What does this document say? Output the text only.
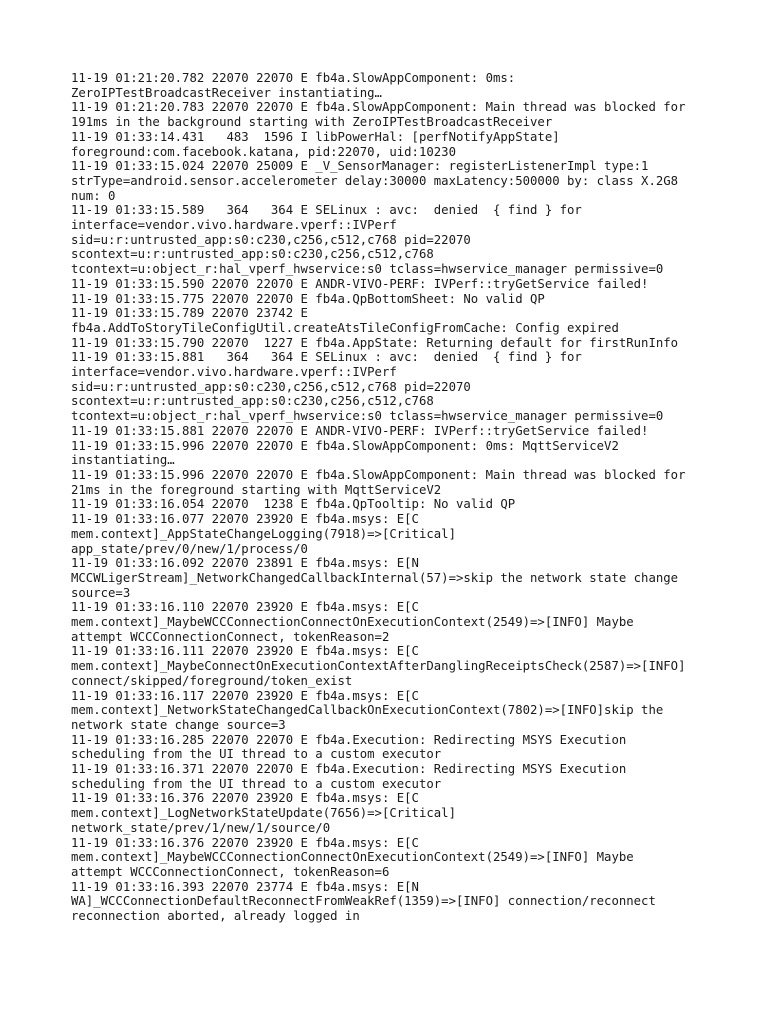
11-19 01:21:20.782 22070 22070 E fb4a.SlowAppComponent: 0ms:
ZeroIPTestBroadcastReceiver instantiating…
11-19 01:21:20.783 22070 22070 E fb4a.SlowAppComponent: Main thread was blocked for
191ms in the background starting with ZeroIPTestBroadcastReceiver
11-19 01:33:14.431   483  1596 I libPowerHal: [perfNotifyAppState]
foreground:com.facebook.katana, pid:22070, uid:10230
11-19 01:33:15.024 22070 25009 E _V_SensorManager: registerListenerImpl type:1
strType=android.sensor.accelerometer delay:30000 maxLatency:500000 by: class X.2G8
num: 0
11-19 01:33:15.589   364   364 E SELinux : avc:  denied  { find } for
interface=vendor.vivo.hardware.vperf::IVPerf
sid=u:r:untrusted_app:s0:c230,c256,c512,c768 pid=22070
scontext=u:r:untrusted_app:s0:c230,c256,c512,c768
tcontext=u:object_r:hal_vperf_hwservice:s0 tclass=hwservice_manager permissive=0
11-19 01:33:15.590 22070 22070 E ANDR-VIVO-PERF: IVPerf::tryGetService failed!
11-19 01:33:15.775 22070 22070 E fb4a.QpBottomSheet: No valid QP
11-19 01:33:15.789 22070 23742 E
fb4a.AddToStoryTileConfigUtil.createAtsTileConfigFromCache: Config expired
11-19 01:33:15.790 22070  1227 E fb4a.AppState: Returning default for firstRunInfo
11-19 01:33:15.881   364   364 E SELinux : avc:  denied  { find } for
interface=vendor.vivo.hardware.vperf::IVPerf
sid=u:r:untrusted_app:s0:c230,c256,c512,c768 pid=22070
scontext=u:r:untrusted_app:s0:c230,c256,c512,c768
tcontext=u:object_r:hal_vperf_hwservice:s0 tclass=hwservice_manager permissive=0
11-19 01:33:15.881 22070 22070 E ANDR-VIVO-PERF: IVPerf::tryGetService failed!
11-19 01:33:15.996 22070 22070 E fb4a.SlowAppComponent: 0ms: MqttServiceV2
instantiating…
11-19 01:33:15.996 22070 22070 E fb4a.SlowAppComponent: Main thread was blocked for
21ms in the foreground starting with MqttServiceV2
11-19 01:33:16.054 22070  1238 E fb4a.QpTooltip: No valid QP
11-19 01:33:16.077 22070 23920 E fb4a.msys: E[C
mem.context]_AppStateChangeLogging(7918)=>[Critical]
app_state/prev/0/new/1/process/0
11-19 01:33:16.092 22070 23891 E fb4a.msys: E[N
MCCWLigerStream]_NetworkChangedCallbackInternal(57)=>skip the network state change
source=3
11-19 01:33:16.110 22070 23920 E fb4a.msys: E[C
mem.context]_MaybeWCCConnectionConnectOnExecutionContext(2549)=>[INFO] Maybe
attempt WCCConnectionConnect, tokenReason=2
11-19 01:33:16.111 22070 23920 E fb4a.msys: E[C
mem.context]_MaybeConnectOnExecutionContextAfterDanglingReceiptsCheck(2587)=>[INFO]
connect/skipped/foreground/token_exist
11-19 01:33:16.117 22070 23920 E fb4a.msys: E[C
mem.context]_NetworkStateChangedCallbackOnExecutionContext(7802)=>[INFO]skip the
network state change source=3
11-19 01:33:16.285 22070 22070 E fb4a.Execution: Redirecting MSYS Execution
scheduling from the UI thread to a custom executor
11-19 01:33:16.371 22070 22070 E fb4a.Execution: Redirecting MSYS Execution
scheduling from the UI thread to a custom executor
11-19 01:33:16.376 22070 23920 E fb4a.msys: E[C
mem.context]_LogNetworkStateUpdate(7656)=>[Critical]
network_state/prev/1/new/1/source/0
11-19 01:33:16.376 22070 23920 E fb4a.msys: E[C
mem.context]_MaybeWCCConnectionConnectOnExecutionContext(2549)=>[INFO] Maybe
attempt WCCConnectionConnect, tokenReason=6
11-19 01:33:16.393 22070 23774 E fb4a.msys: E[N
WA]_WCCConnectionDefaultReconnectFromWeakRef(1359)=>[INFO] connection/reconnect
reconnection aborted, already logged in
